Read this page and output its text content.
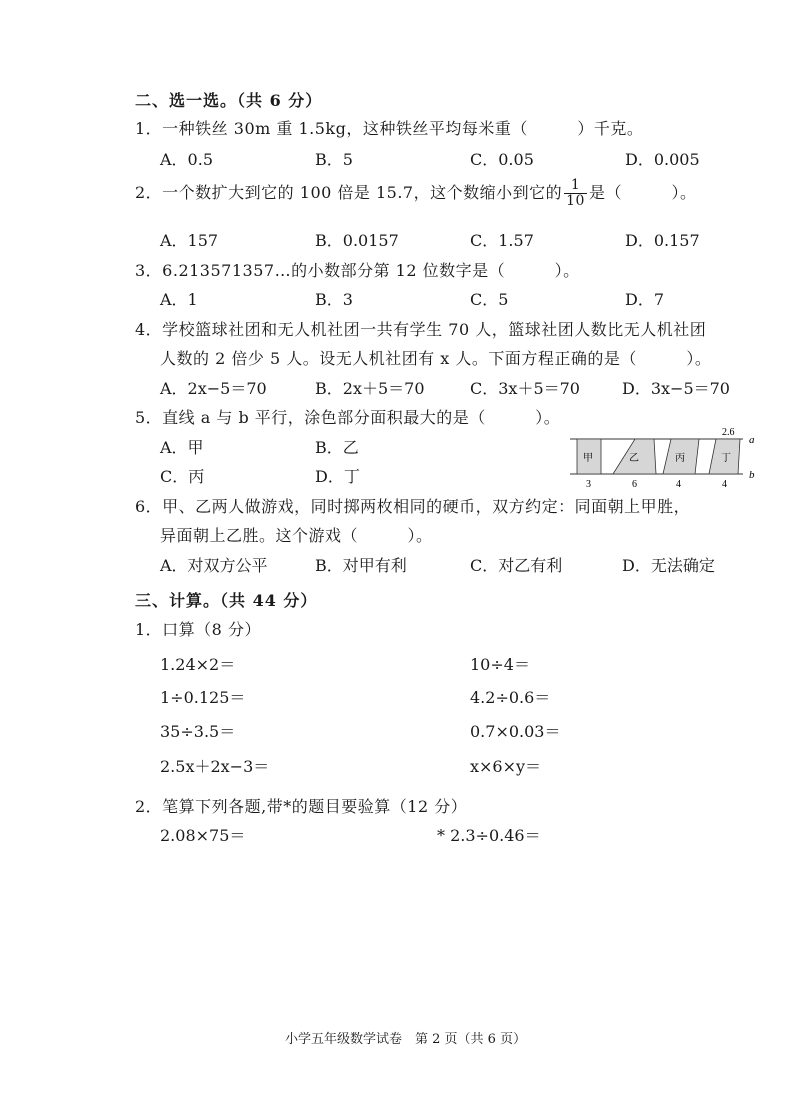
二、选一选。（共 6 分）
1．一种铁丝 30m 重 1.5kg，这种铁丝平均每米重（　　　）千克。
A．0.5	B．5	C．0.05	D．0.005
2．一个数扩大到它的 100 倍是 15.7，这个数缩小到它的 $\frac{1}{10}$ 是（　　　）。
A．157	B．0.0157	C．1.57	D．0.157
3．6.213571357…的小数部分第 12 位数字是（　　　）。
A．1	B．3	C．5	D．7
4．学校篮球社团和无人机社团一共有学生 70 人，篮球社团人数比无人机社团
人数的 2 倍少 5 人。设无人机社团有 x 人。下面方程正确的是（　　　）。
A．2x−5＝70	B．2x＋5＝70	C．3x＋5＝70	D．3x−5＝70
5．直线 a 与 b 平行，涂色部分面积最大的是（　　　）。
A．甲	B．乙
C．丙	D．丁
2.6
a
b
甲	乙	丙	丁
3	6	4	4
6．甲、乙两人做游戏，同时掷两枚相同的硬币，双方约定：同面朝上甲胜，
异面朝上乙胜。这个游戏（　　　）。
A．对双方公平	B．对甲有利	C．对乙有利	D．无法确定
三、计算。（共 44 分）
1．口算（8 分）
1.24×2＝	10÷4＝
1÷0.125＝	4.2÷0.6＝
35÷3.5＝	0.7×0.03＝
2.5x＋2x−3＝	x×6×y＝
2．笔算下列各题,带*的题目要验算（12 分）
2.08×75＝	* 2.3÷0.46＝
小学五年级数学试卷　第 2 页（共 6 页）
